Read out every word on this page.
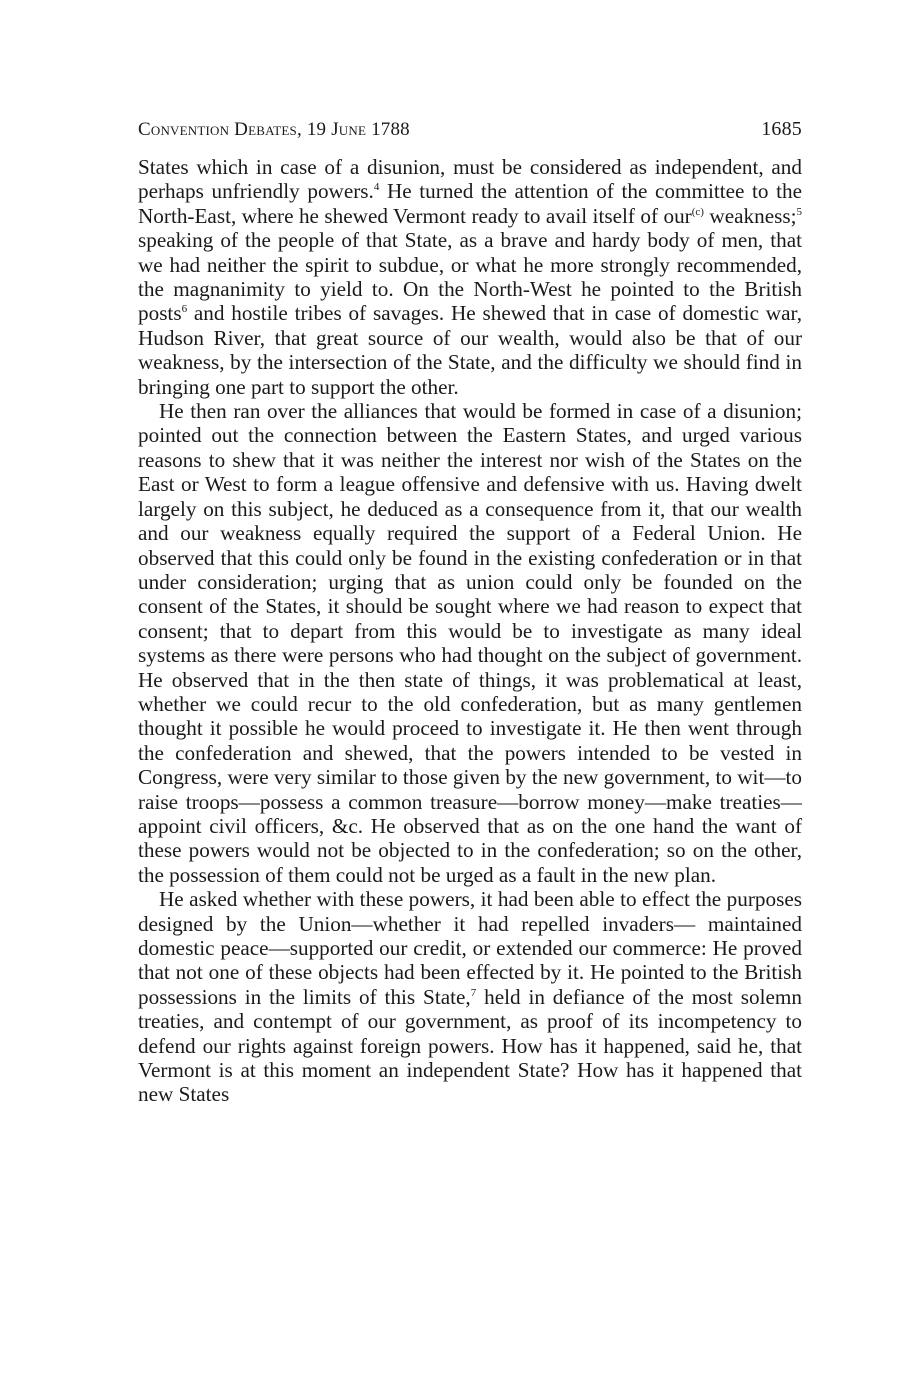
Convention Debates, 19 June 1788	1685

States which in case of a disunion, must be considered as independent, and perhaps unfriendly powers.$^4$ He turned the attention of the committee to the North-East, where he shewed Vermont ready to avail itself of our$^{(c)}$ weakness;$^5$ speaking of the people of that State, as a brave and hardy body of men, that we had neither the spirit to subdue, or what he more strongly recommended, the magnanimity to yield to. On the North-West he pointed to the British posts$^6$ and hostile tribes of savages. He shewed that in case of domestic war, Hudson River, that great source of our wealth, would also be that of our weakness, by the intersection of the State, and the difficulty we should find in bringing one part to support the other.

He then ran over the alliances that would be formed in case of a disunion; pointed out the connection between the Eastern States, and urged various reasons to shew that it was neither the interest nor wish of the States on the East or West to form a league offensive and defensive with us. Having dwelt largely on this subject, he deduced as a consequence from it, that our wealth and our weakness equally required the support of a Federal Union. He observed that this could only be found in the existing confederation or in that under consideration; urging that as union could only be founded on the consent of the States, it should be sought where we had reason to expect that consent; that to depart from this would be to investigate as many ideal systems as there were persons who had thought on the subject of government. He observed that in the then state of things, it was problematical at least, whether we could recur to the old confederation, but as many gentlemen thought it possible he would proceed to investigate it. He then went through the confederation and shewed, that the powers intended to be vested in Congress, were very similar to those given by the new government, to wit—to raise troops—possess a common treasure—borrow money—make treaties—appoint civil officers, &c. He observed that as on the one hand the want of these powers would not be objected to in the confederation; so on the other, the possession of them could not be urged as a fault in the new plan.

He asked whether with these powers, it had been able to effect the purposes designed by the Union—whether it had repelled invaders— maintained domestic peace—supported our credit, or extended our commerce: He proved that not one of these objects had been effected by it. He pointed to the British possessions in the limits of this State,$^7$ held in defiance of the most solemn treaties, and contempt of our government, as proof of its incompetency to defend our rights against foreign powers. How has it happened, said he, that Vermont is at this moment an independent State? How has it happened that new States
